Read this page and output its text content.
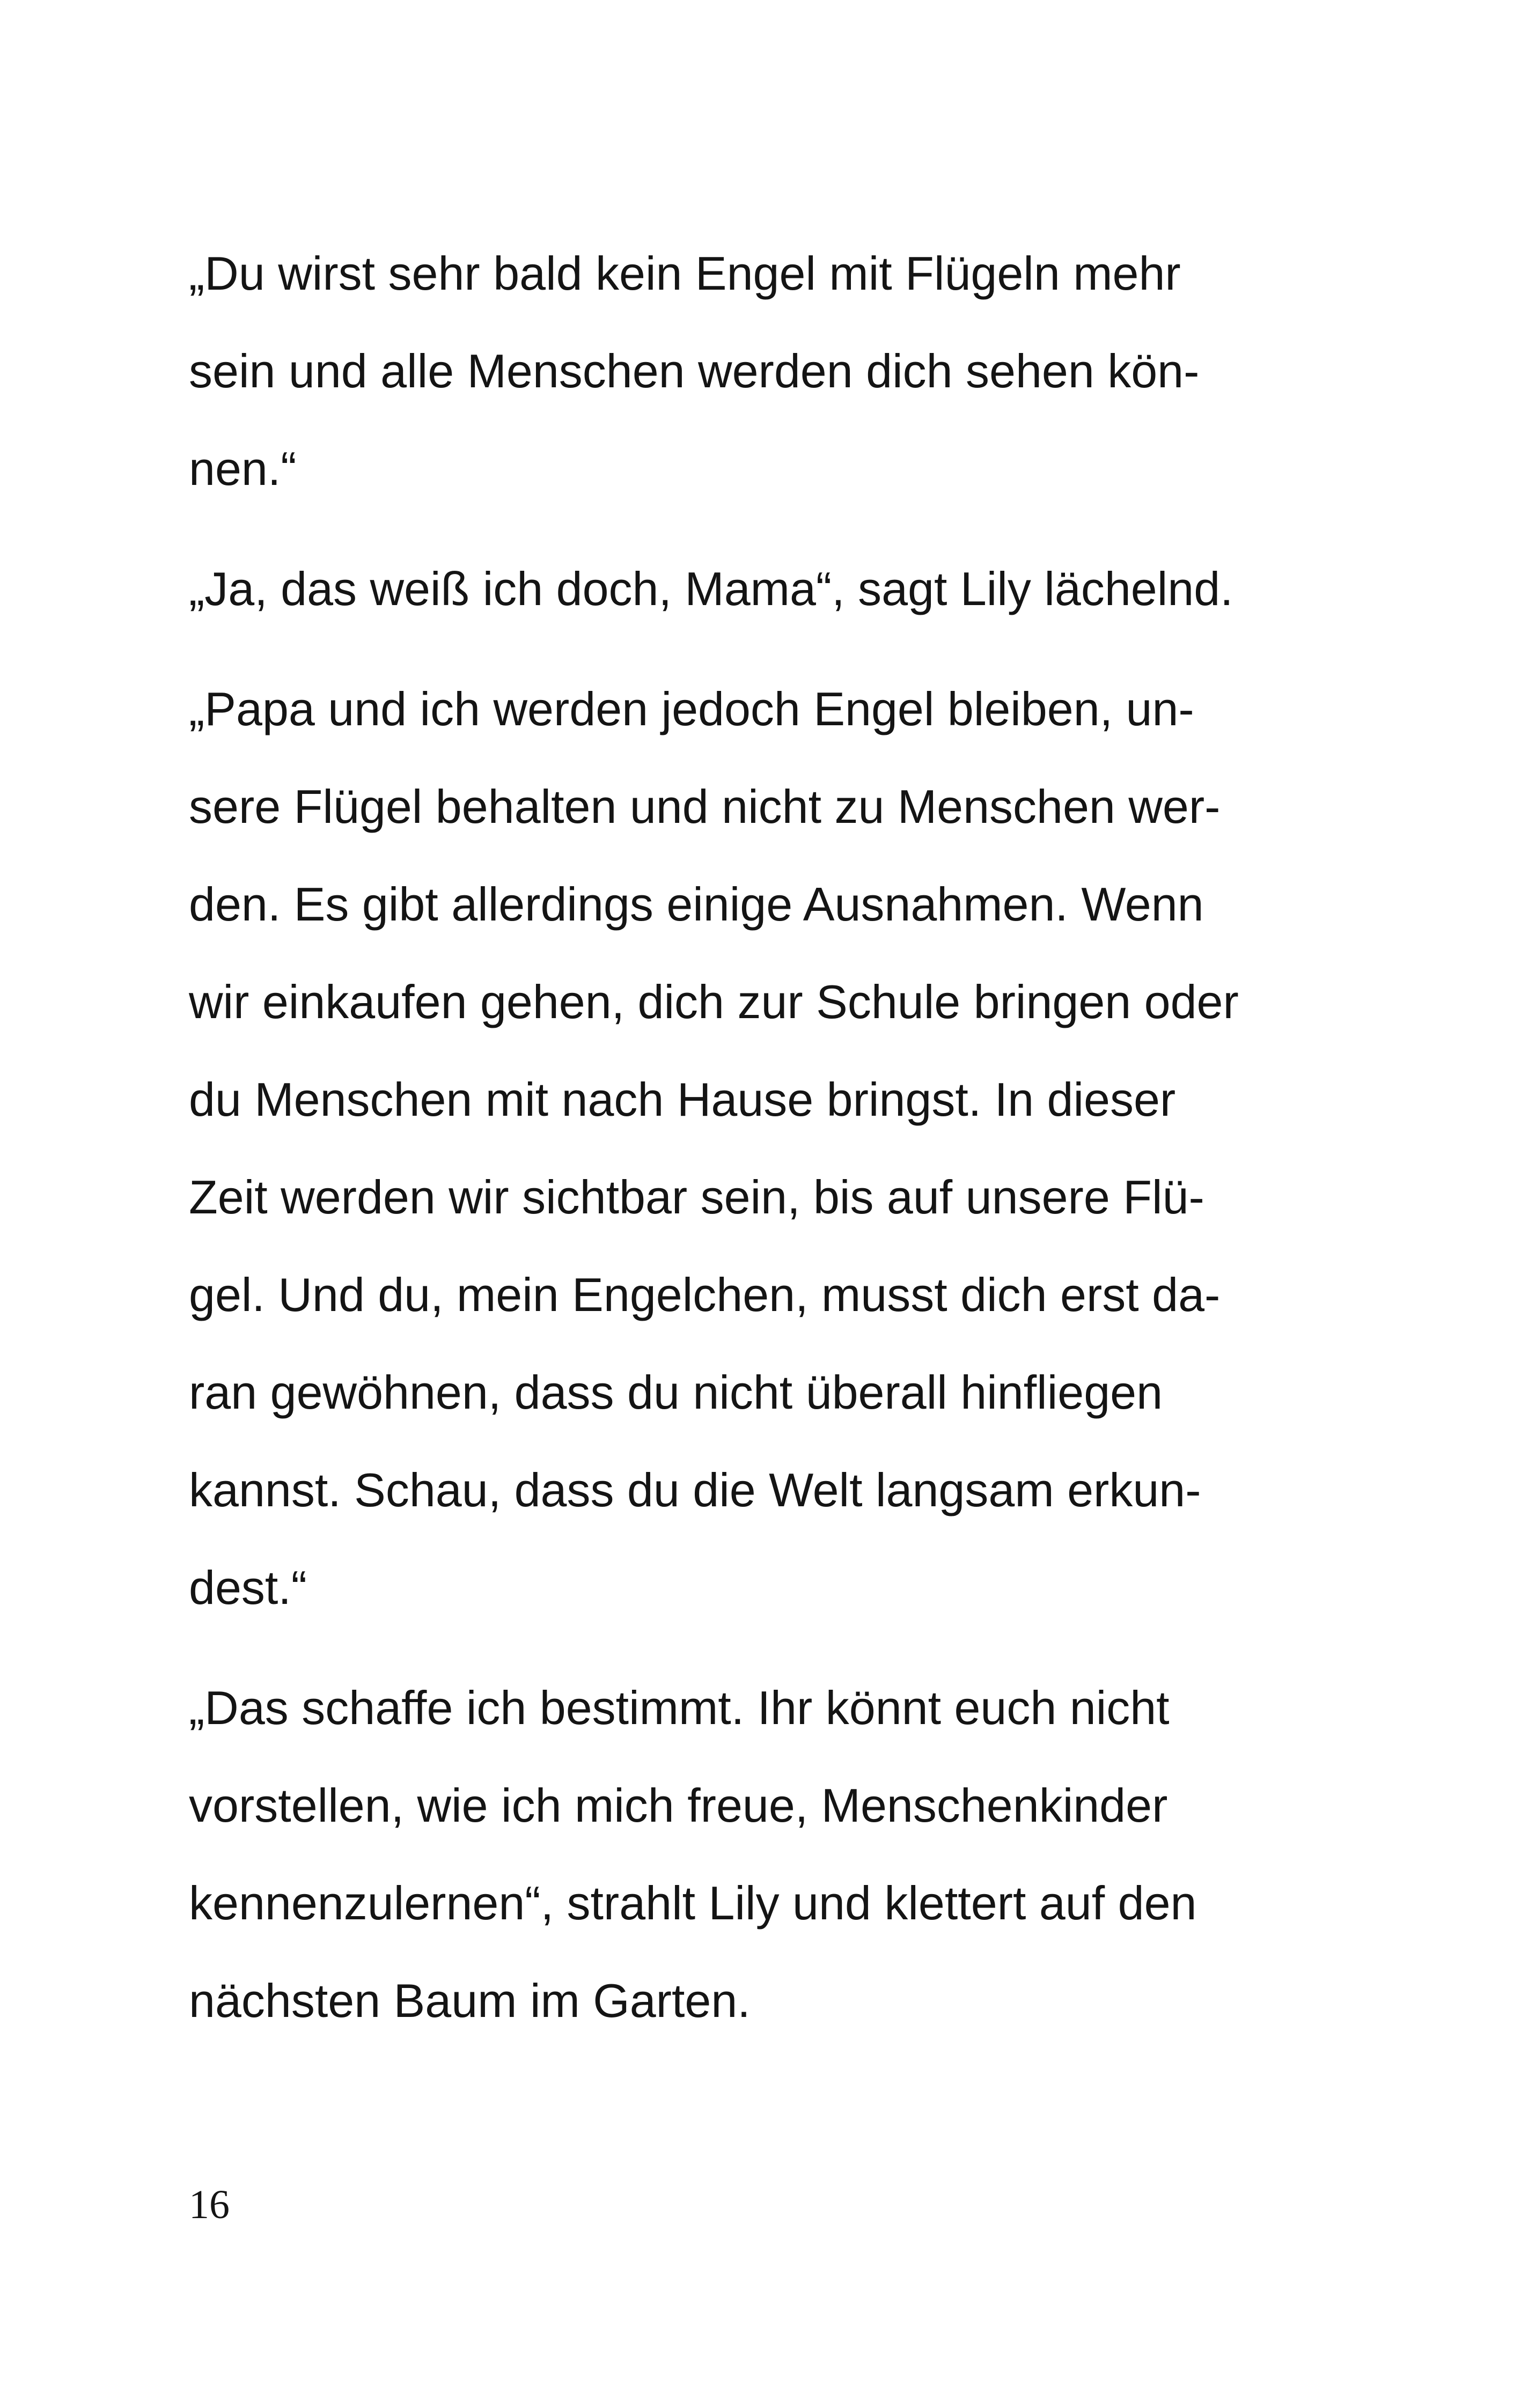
„Du wirst sehr bald kein Engel mit Flügeln mehr
sein und alle Menschen werden dich sehen kön-
nen.“
„Ja, das weiß ich doch, Mama“, sagt Lily lächelnd.
„Papa und ich werden jedoch Engel bleiben, un-
sere Flügel behalten und nicht zu Menschen wer-
den. Es gibt allerdings einige Ausnahmen. Wenn
wir einkaufen gehen, dich zur Schule bringen oder
du Menschen mit nach Hause bringst. In dieser
Zeit werden wir sichtbar sein, bis auf unsere Flü-
gel. Und du, mein Engelchen, musst dich erst da-
ran gewöhnen, dass du nicht überall hinfliegen
kannst. Schau, dass du die Welt langsam erkun-
dest.“
„Das schaffe ich bestimmt. Ihr könnt euch nicht
vorstellen, wie ich mich freue, Menschenkinder
kennenzulernen“, strahlt Lily und klettert auf den
nächsten Baum im Garten.
16
